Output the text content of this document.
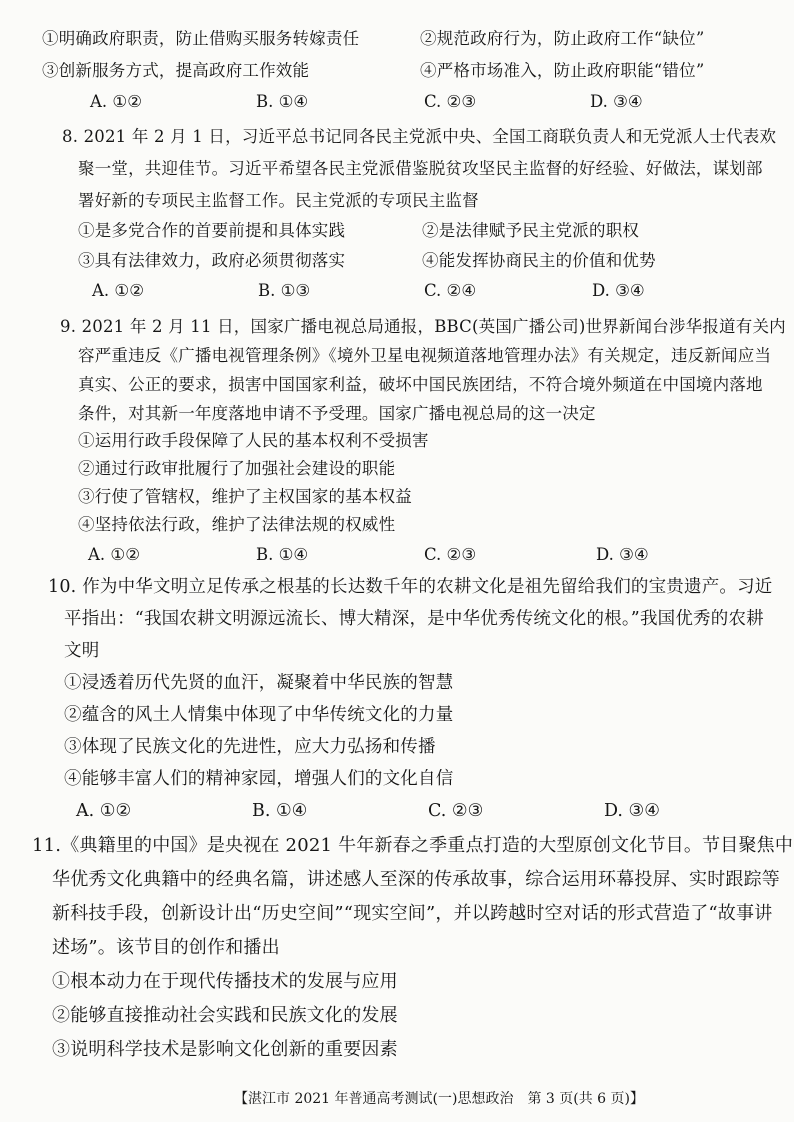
①明确政府职责，防止借购买服务转嫁责任	②规范政府行为，防止政府工作“缺位”
③创新服务方式，提高政府工作效能	④严格市场准入，防止政府职能“错位”
A. ①②	B. ①④	C. ②③	D. ③④
8. 2021 年 2 月 1 日，习近平总书记同各民主党派中央、全国工商联负责人和无党派人士代表欢
聚一堂，共迎佳节。习近平希望各民主党派借鉴脱贫攻坚民主监督的好经验、好做法，谋划部
署好新的专项民主监督工作。民主党派的专项民主监督
①是多党合作的首要前提和具体实践	②是法律赋予民主党派的职权
③具有法律效力，政府必须贯彻落实	④能发挥协商民主的价值和优势
A. ①②	B. ①③	C. ②④	D. ③④
9. 2021 年 2 月 11 日，国家广播电视总局通报，BBC(英国广播公司)世界新闻台涉华报道有关内
容严重违反《广播电视管理条例》《境外卫星电视频道落地管理办法》有关规定，违反新闻应当
真实、公正的要求，损害中国国家利益，破坏中国民族团结，不符合境外频道在中国境内落地
条件，对其新一年度落地申请不予受理。国家广播电视总局的这一决定
①运用行政手段保障了人民的基本权利不受损害
②通过行政审批履行了加强社会建设的职能
③行使了管辖权，维护了主权国家的基本权益
④坚持依法行政，维护了法律法规的权威性
A. ①②	B. ①④	C. ②③	D. ③④
10. 作为中华文明立足传承之根基的长达数千年的农耕文化是祖先留给我们的宝贵遗产。习近
平指出：“我国农耕文明源远流长、博大精深，是中华优秀传统文化的根。”我国优秀的农耕
文明
①浸透着历代先贤的血汗，凝聚着中华民族的智慧
②蕴含的风土人情集中体现了中华传统文化的力量
③体现了民族文化的先进性，应大力弘扬和传播
④能够丰富人们的精神家园，增强人们的文化自信
A. ①②	B. ①④	C. ②③	D. ③④
11.《典籍里的中国》是央视在 2021 牛年新春之季重点打造的大型原创文化节目。节目聚焦中
华优秀文化典籍中的经典名篇，讲述感人至深的传承故事，综合运用环幕投屏、实时跟踪等
新科技手段，创新设计出“历史空间”“现实空间”，并以跨越时空对话的形式营造了“故事讲
述场”。该节目的创作和播出
①根本动力在于现代传播技术的发展与应用
②能够直接推动社会实践和民族文化的发展
③说明科学技术是影响文化创新的重要因素
【湛江市 2021 年普通高考测试(一)思想政治　第 3 页(共 6 页)】
